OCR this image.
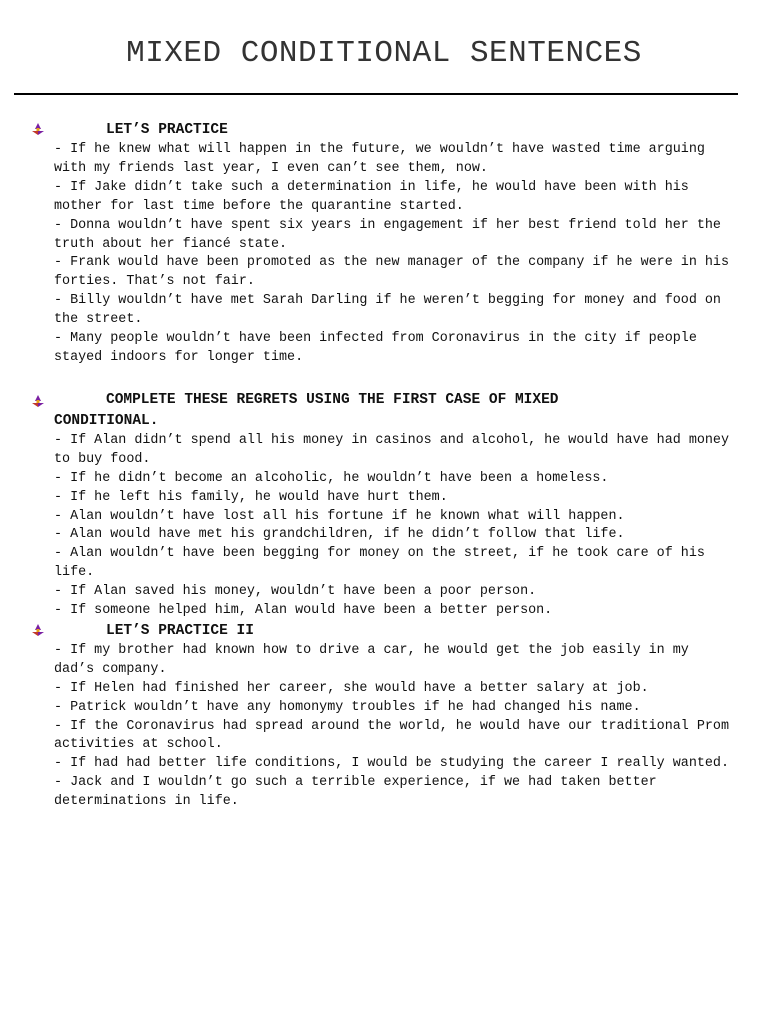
MIXED CONDITIONAL SENTENCES
LET’S PRACTICE
- If he knew what will happen in the future, we wouldn’t have wasted time arguing with my friends last year, I even can’t see them, now.
- If Jake didn’t take such a determination in life, he would have been with his mother for last time before the quarantine started.
- Donna wouldn’t have spent six years in engagement if her best friend told her the truth about her fiancé state.
- Frank would have been promoted as the new manager of the company if he were in his forties. That’s not fair.
- Billy wouldn’t have met Sarah Darling if he weren’t begging for money and food on the street.
- Many people wouldn’t have been infected from Coronavirus in the city if people stayed indoors for longer time.
COMPLETE THESE REGRETS USING THE FIRST CASE OF MIXED
CONDITIONAL.
- If Alan didn’t spend all his money in casinos and alcohol, he would have had money to buy food.
- If he didn’t become an alcoholic, he wouldn’t have been a homeless.
- If he left his family, he would have hurt them.
- Alan wouldn’t have lost all his fortune if he known what will happen.
- Alan would have met his grandchildren, if he didn’t follow that life.
- Alan wouldn’t have been begging for money on the street, if he took care of his life.
- If Alan saved his money, wouldn’t have been a poor person.
- If someone helped him, Alan would have been a better person.
LET’S PRACTICE II
- If my brother had known how to drive a car, he would get the job easily in my dad’s company.
- If Helen had finished her career, she would have a better salary at job.
- Patrick wouldn’t have any homonymy troubles if he had changed his name.
- If the Coronavirus had spread around the world, he would have our traditional Prom activities at school.
- If had had better life conditions, I would be studying the career I really wanted.
- Jack and I wouldn’t go such a terrible experience, if we had taken better determinations in life.
